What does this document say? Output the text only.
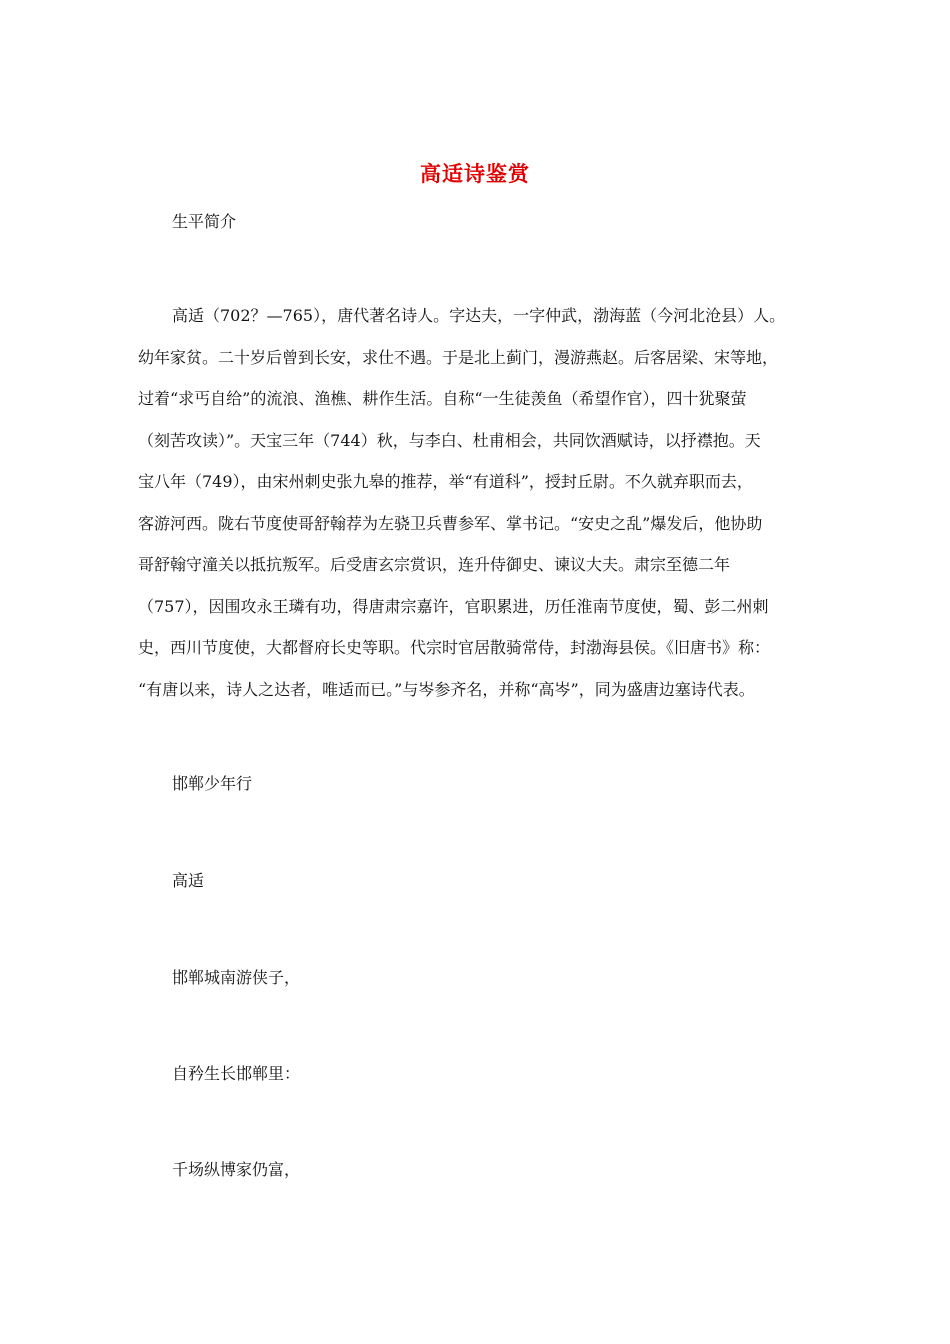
高适诗鉴赏
生平简介
高适（702？—765），唐代著名诗人。字达夫，一字仲武，渤海蓝（今河北沧县）人。
幼年家贫。二十岁后曾到长安，求仕不遇。于是北上蓟门，漫游燕赵。后客居梁、宋等地，
过着“求丐自给”的流浪、渔樵、耕作生活。自称“一生徒羡鱼（希望作官），四十犹聚萤
（刻苦攻读）”。天宝三年（744）秋，与李白、杜甫相会，共同饮酒赋诗，以抒襟抱。天
宝八年（749），由宋州刺史张九皋的推荐，举“有道科”，授封丘尉。不久就弃职而去，
客游河西。陇右节度使哥舒翰荐为左骁卫兵曹参军、掌书记。“安史之乱”爆发后，他协助
哥舒翰守潼关以抵抗叛军。后受唐玄宗赏识，连升侍御史、谏议大夫。肃宗至德二年
（757），因围攻永王璘有功，得唐肃宗嘉许，官职累进，历任淮南节度使，蜀、彭二州刺
史，西川节度使，大都督府长史等职。代宗时官居散骑常侍，封渤海县侯。《旧唐书》称：
“有唐以来，诗人之达者，唯适而已。”与岑参齐名，并称“高岑”，同为盛唐边塞诗代表。
邯郸少年行
高适
邯郸城南游侠子，
自矜生长邯郸里：
千场纵博家仍富，
